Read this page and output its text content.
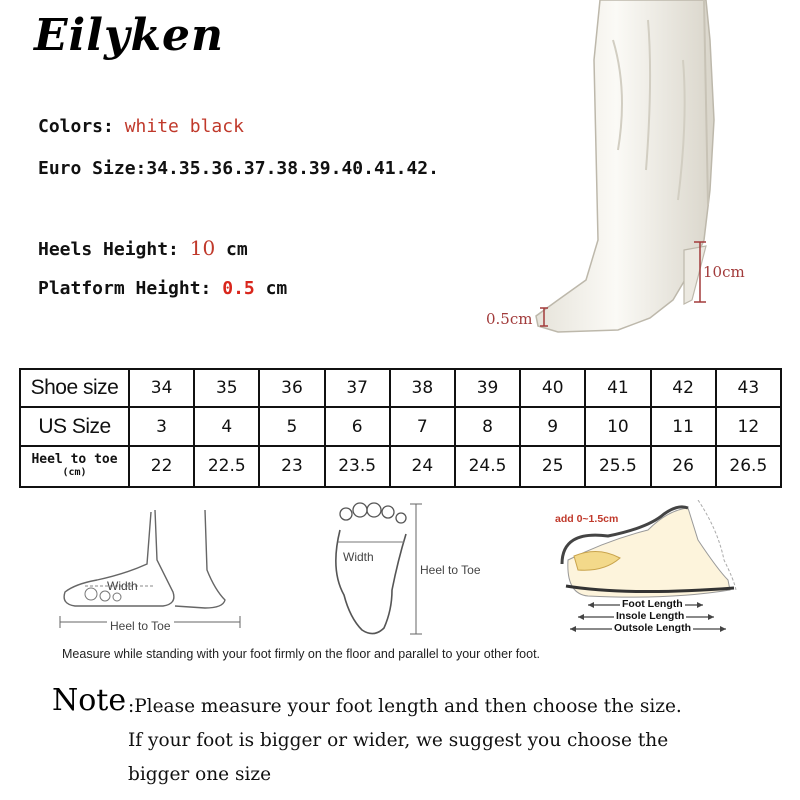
Eilyken
Colors: white black
Euro Size:34.35.36.37.38.39.40.41.42.
Heels Height: 10 cm
Platform Height: 0.5 cm
10cm
0.5cm
Shoe size	34	35	36	37	38	39	40	41	42	43
US Size	3	4	5	6	7	8	9	10	11	12

Heel to toe
(cm)	22	22.5	23	23.5	24	24.5	25	25.5	26	26.5
Width
Heel to Toe
Width
Heel to Toe
add 0~1.5cm
Foot Length
Insole Length
Outsole Length
Measure while standing with your foot firmly on the floor and parallel to your other foot.
Note :Please measure your foot length and then choose the size.
If your foot is bigger or wider, we suggest you choose the
bigger one size
